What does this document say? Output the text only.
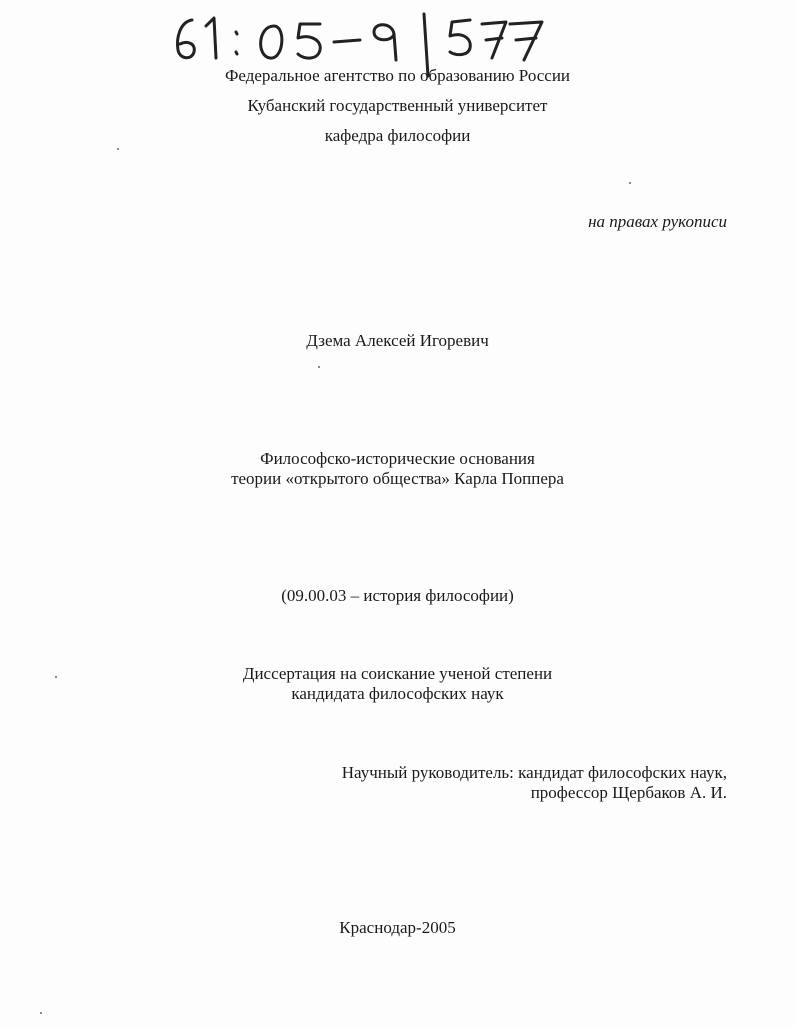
Федеральное агентство по образованию России
Кубанский государственный университет
кафедра философии
на правах рукописи
Дзема Алексей Игоревич
Философско-исторические основания
теории «открытого общества» Карла Поппера
(09.00.03 – история философии)
Диссертация на соискание ученой степени
кандидата философских наук
Научный руководитель: кандидат философских наук,
профессор Щербаков А. И.
Краснодар-2005
